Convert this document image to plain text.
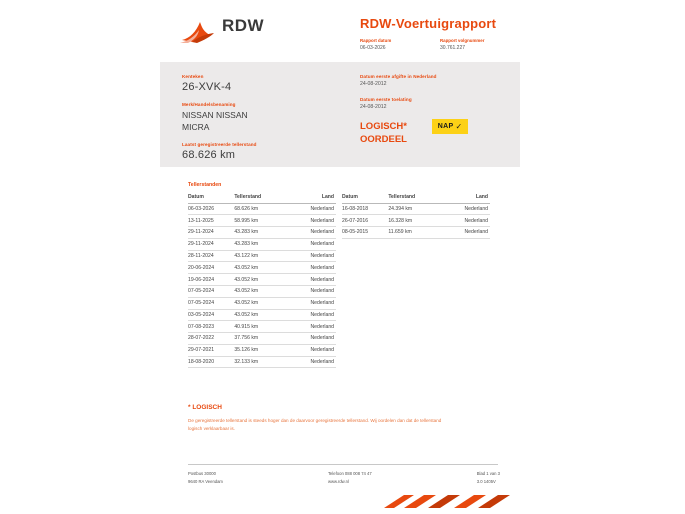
RDW	RDW-Voertuigrapport
Rapport datum
06-03-2026
Rapport volgnummer
30.761.227
Kenteken
26-XVK-4
Merk/Handelsbenaming
NISSAN NISSAN
MICRA
Laatst geregistreerde tellerstand
68.626 km
Datum eerste afgifte in Nederland
24-08-2012
Datum eerste toelating
24-08-2012
LOGISCH*
OORDEEL
NAP ✓
Tellerstanden
Datum	Tellerstand	Land
06-03-2026	68.626 km	Nederland
13-11-2025	58.995 km	Nederland
29-11-2024	43.283 km	Nederland
29-11-2024	43.283 km	Nederland
28-11-2024	43.122 km	Nederland
20-06-2024	43.052 km	Nederland
19-06-2024	43.052 km	Nederland
07-05-2024	43.052 km	Nederland
07-05-2024	43.052 km	Nederland
03-05-2024	43.052 km	Nederland
07-08-2023	40.915 km	Nederland
28-07-2022	37.756 km	Nederland
29-07-2021	35.126 km	Nederland
18-08-2020	32.133 km	Nederland
Datum	Tellerstand	Land
16-08-2018	24.394 km	Nederland
26-07-2016	16.328 km	Nederland
08-05-2015	11.659 km	Nederland
* LOGISCH
De geregistreerde tellerstand is steeds hoger dan de daarvoor geregistreerde tellerstand. Wij oordelen dan dat de tellerstand logisch verklaarbaar is.
Postbus 30000
9640 RA Veendam
Telefoon 088 008 74 47
www.rdw.nl
Blad 1 van 3
3.0 1405V
